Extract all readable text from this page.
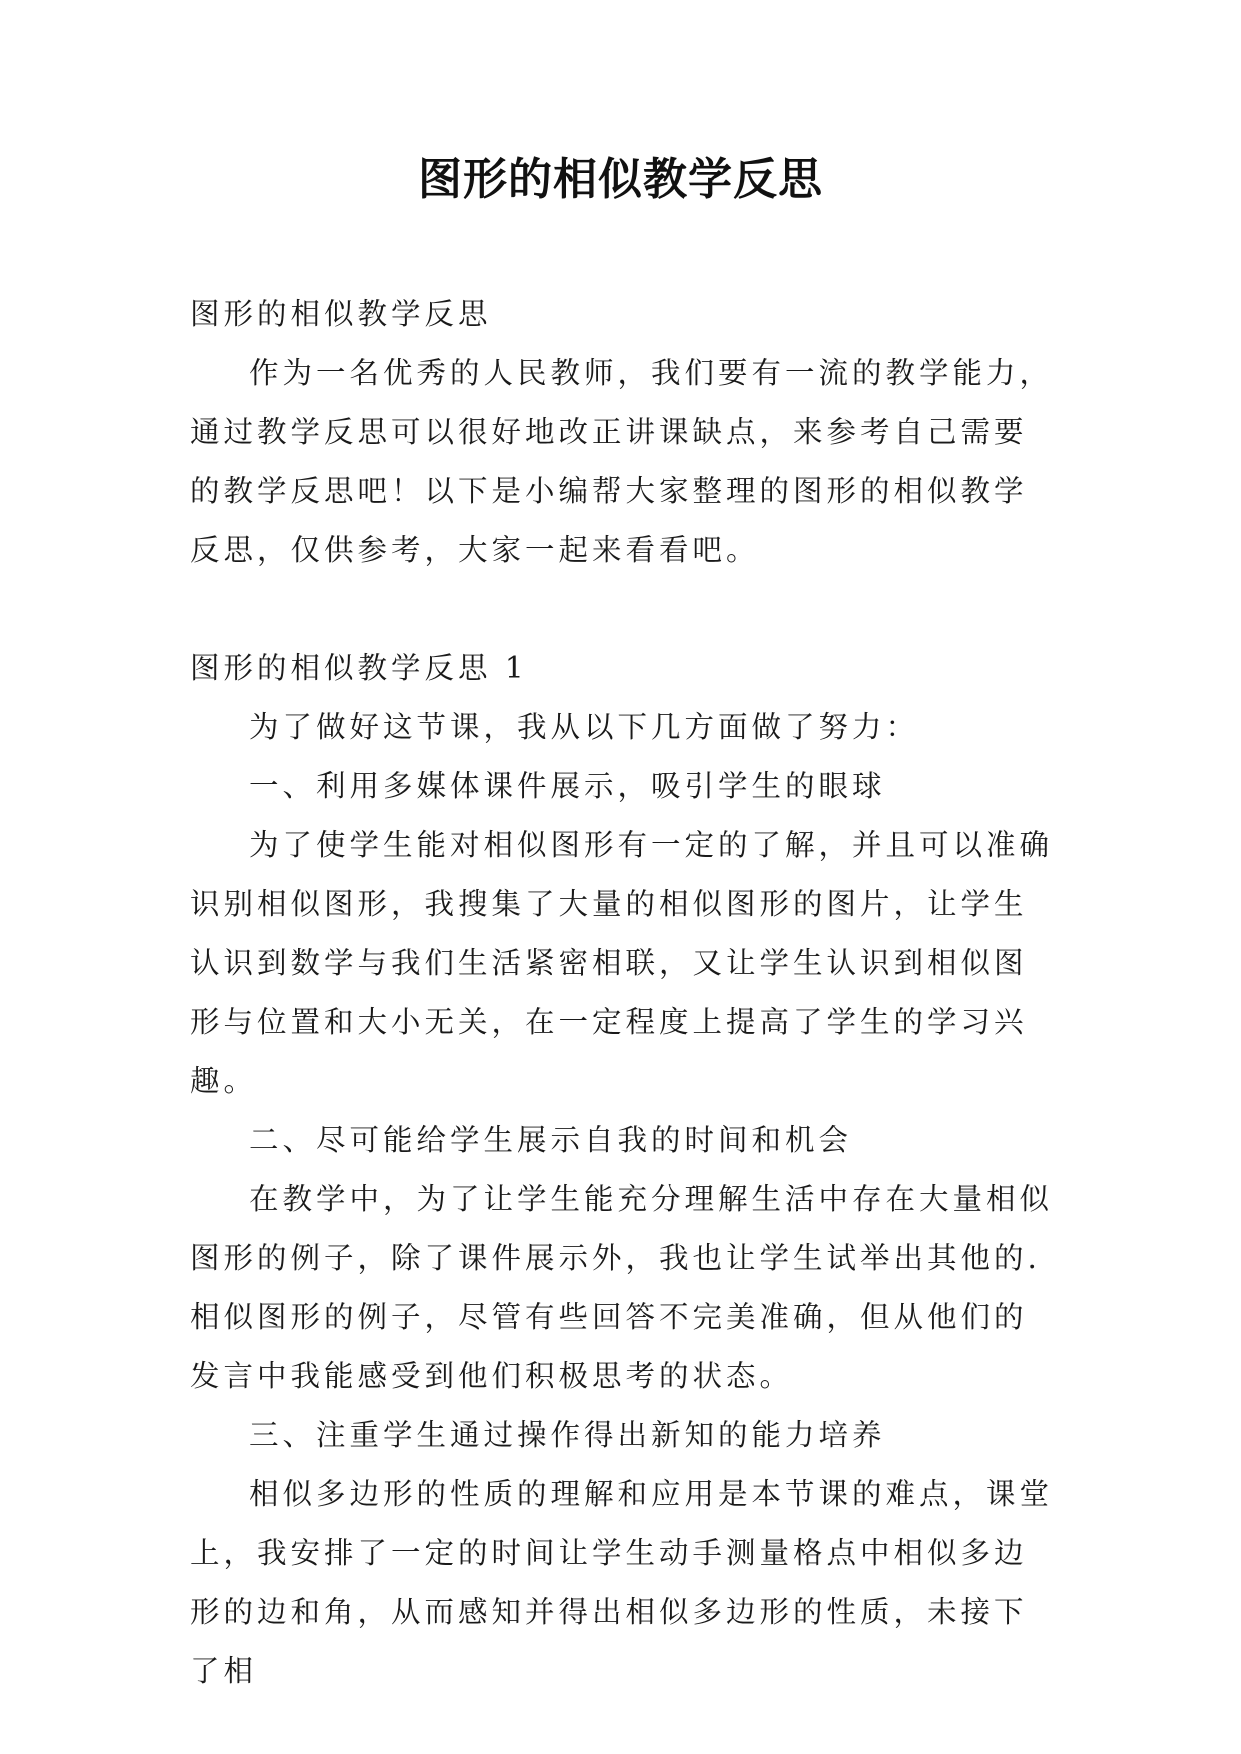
图形的相似教学反思

图形的相似教学反思

作为一名优秀的人民教师，我们要有一流的教学能力，通过教学反思可以很好地改正讲课缺点，来参考自己需要的教学反思吧！以下是小编帮大家整理的图形的相似教学反思，仅供参考，大家一起来看看吧。

图形的相似教学反思 1

为了做好这节课，我从以下几方面做了努力：

一、利用多媒体课件展示，吸引学生的眼球

为了使学生能对相似图形有一定的了解，并且可以准确识别相似图形，我搜集了大量的相似图形的图片，让学生认识到数学与我们生活紧密相联，又让学生认识到相似图形与位置和大小无关，在一定程度上提高了学生的学习兴趣。

二、尽可能给学生展示自我的时间和机会

在教学中，为了让学生能充分理解生活中存在大量相似图形的例子，除了课件展示外，我也让学生试举出其他的.相似图形的例子，尽管有些回答不完美准确，但从他们的发言中我能感受到他们积极思考的状态。

三、注重学生通过操作得出新知的能力培养

相似多边形的性质的理解和应用是本节课的难点，课堂上，我安排了一定的时间让学生动手测量格点中相似多边形的边和角，从而感知并得出相似多边形的性质，未接下了相
